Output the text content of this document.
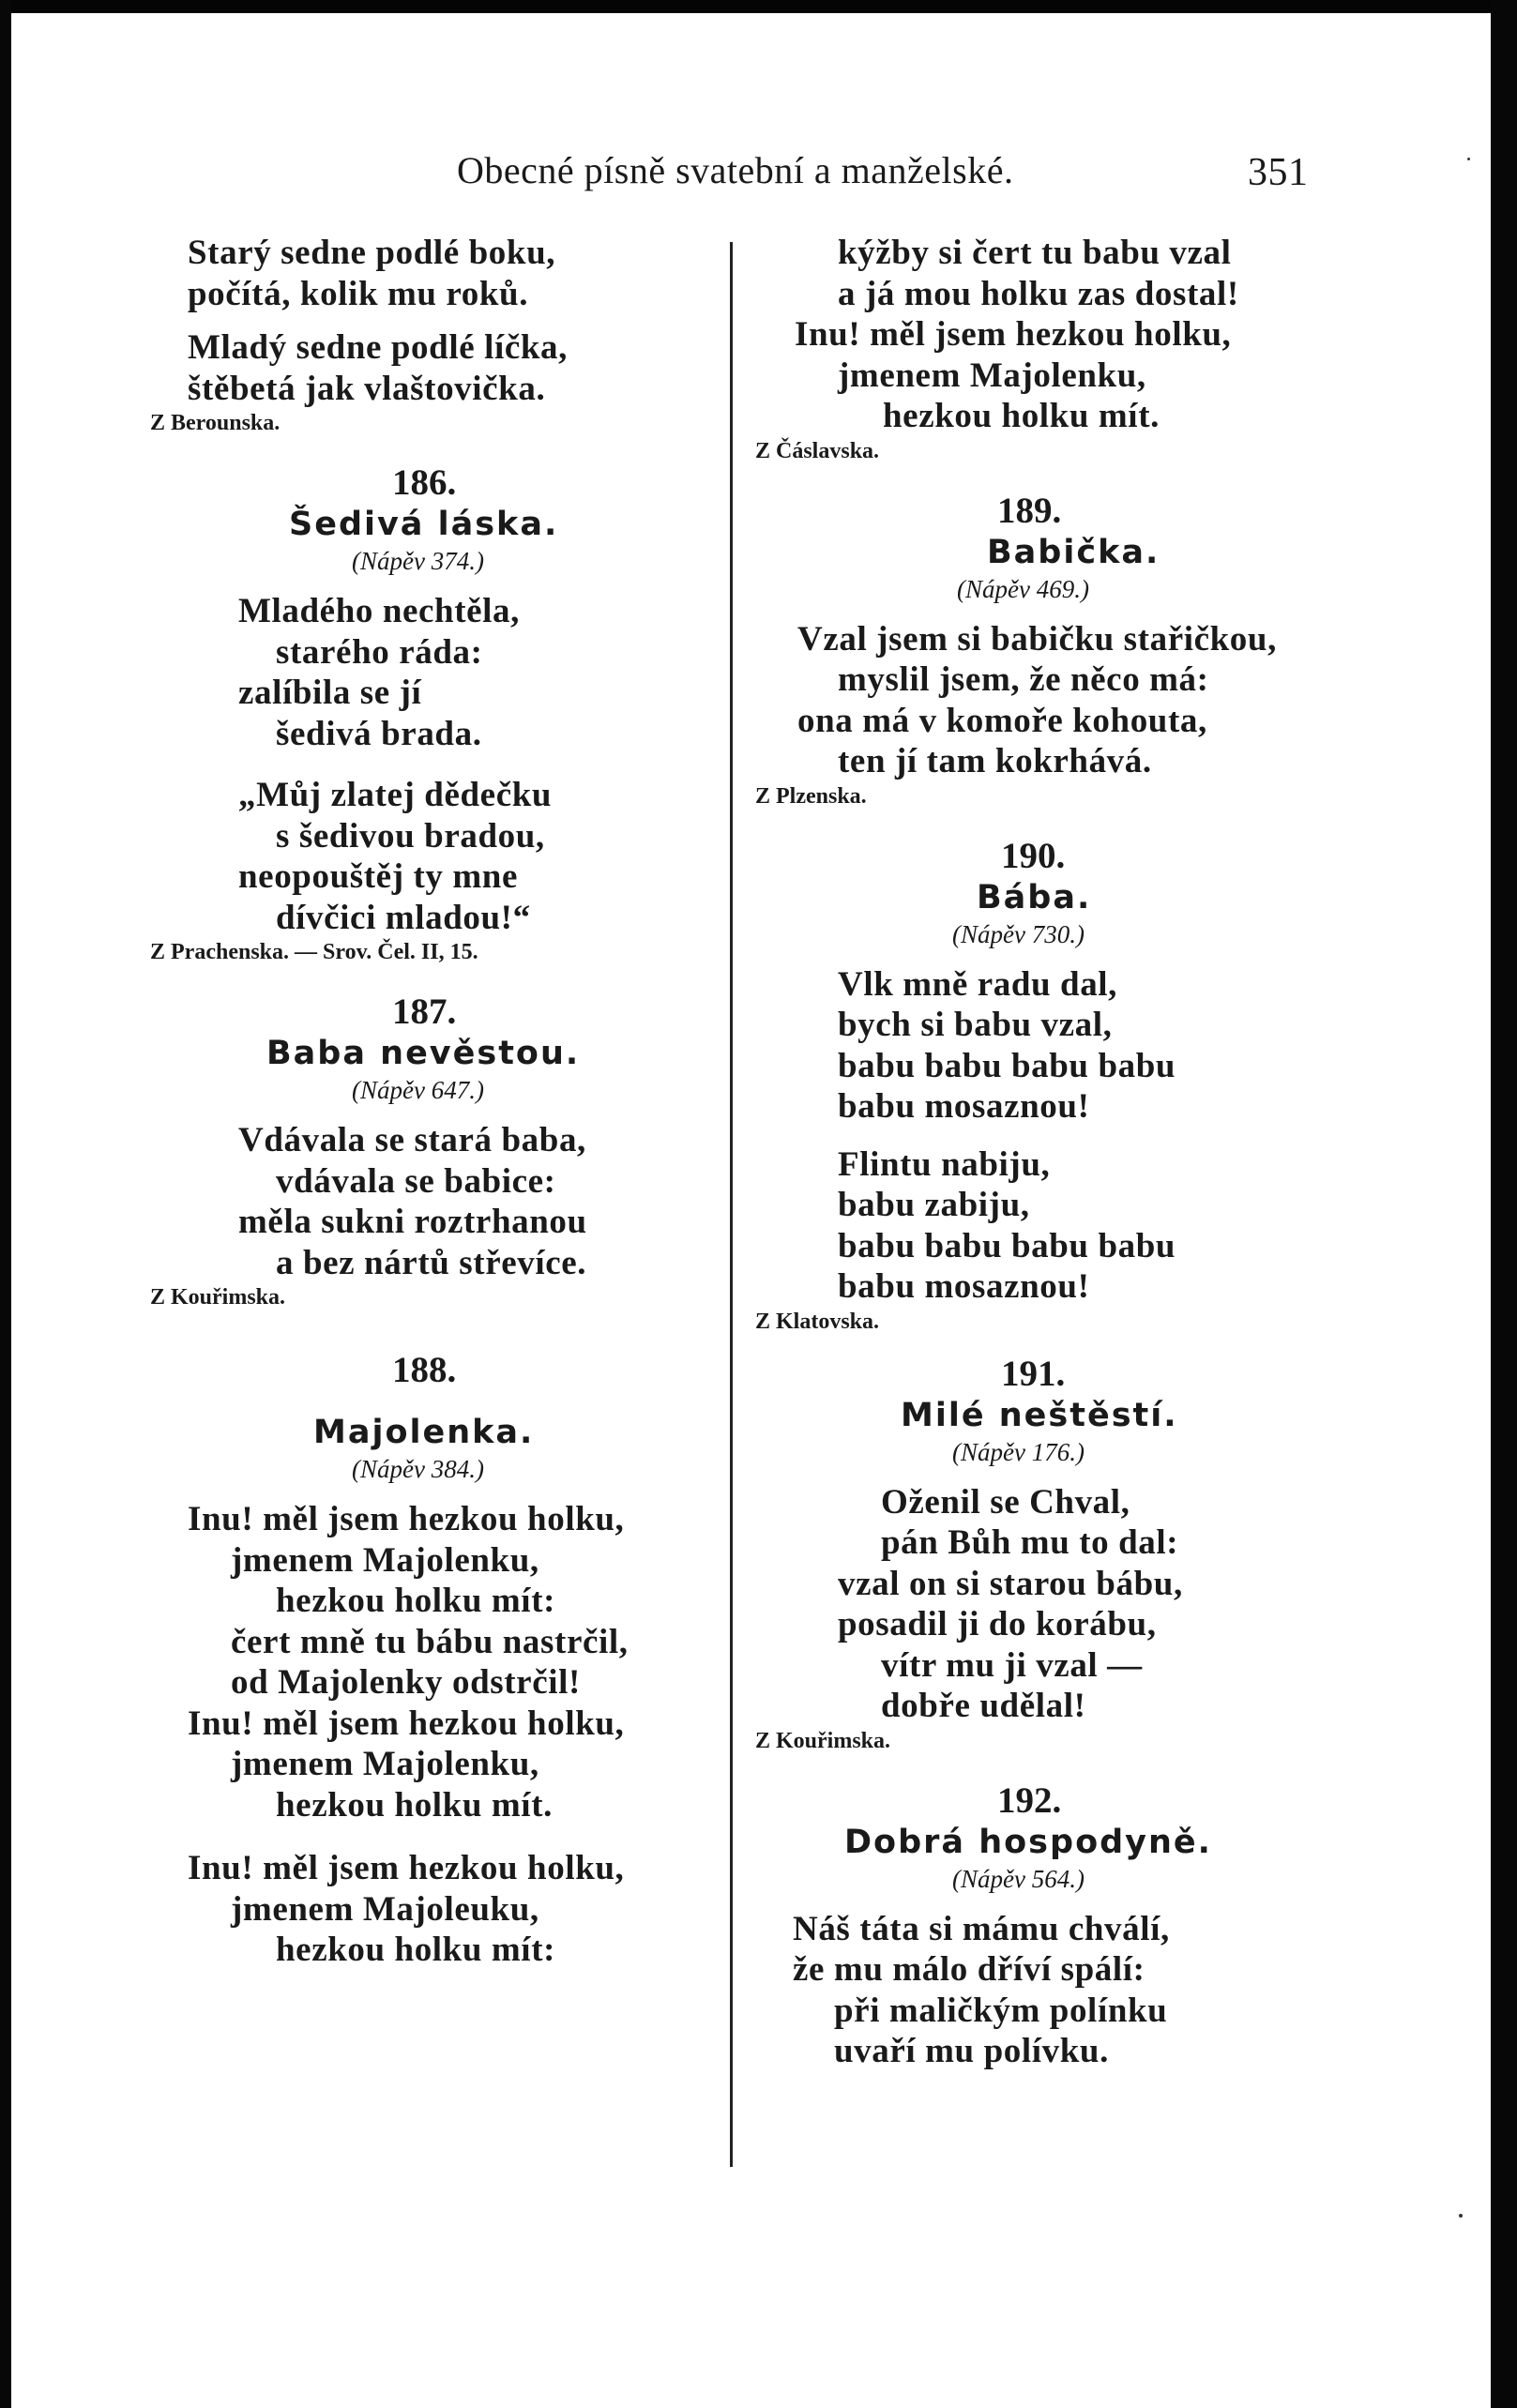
Obecné písně svatební a manželské.	351
Starý sedne podlé boku,
počítá, kolik mu roků.
Mladý sedne podlé líčka,
štěbetá jak vlaštovička.
Z Berounska.
186.
Šedivá láska.
(Nápěv 374.)
Mladého nechtěla,
starého ráda:
zalíbila se jí
šedivá brada.
„Můj zlatej dědečku
s šedivou bradou,
neopouštěj ty mne
dívčici mladou!“
Z Prachenska. — Srov. Čel. II, 15.
187.
Baba nevěstou.
(Nápěv 647.)
Vdávala se stará baba,
vdávala se babice:
měla sukni roztrhanou
a bez nártů střevíce.
Z Kouřimska.
188.
Majolenka.
(Nápěv 384.)
Inu! měl jsem hezkou holku,
jmenem Majolenku,
hezkou holku mít:
čert mně tu bábu nastrčil,
od Majolenky odstrčil!
Inu! měl jsem hezkou holku,
jmenem Majolenku,
hezkou holku mít.
Inu! měl jsem hezkou holku,
jmenem Majoleuku,
hezkou holku mít:
kýžby si čert tu babu vzal
a já mou holku zas dostal!
Inu! měl jsem hezkou holku,
jmenem Majolenku,
hezkou holku mít.
Z Čáslavska.
189.
Babička.
(Nápěv 469.)
Vzal jsem si babičku stařičkou,
myslil jsem, že něco má:
ona má v komoře kohouta,
ten jí tam kokrhává.
Z Plzenska.
190.
Bába.
(Nápěv 730.)
Vlk mně radu dal,
bych si babu vzal,
babu babu babu babu
babu mosaznou!
Flintu nabiju,
babu zabiju,
babu babu babu babu
babu mosaznou!
Z Klatovska.
191.
Milé neštěstí.
(Nápěv 176.)
Oženil se Chval,
pán Bůh mu to dal:
vzal on si starou bábu,
posadil ji do korábu,
vítr mu ji vzal —
dobře udělal!
Z Kouřimska.
192.
Dobrá hospodyně.
(Nápěv 564.)
Náš táta si mámu chválí,
že mu málo dříví spálí:
při maličkým polínku
uvaří mu polívku.
